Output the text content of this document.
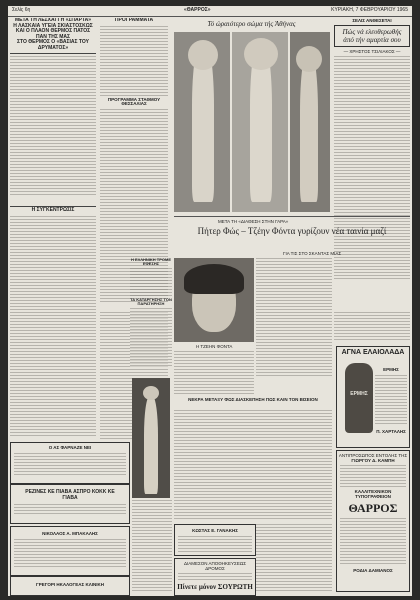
Σελίς 6η	«ΘΑΡΡΟΣ»	ΚΥΡΙΑΚΗ, 7 ΦΕΒΡΟΥΑΡΙΟΥ 1965
ΜΕΤΑ ΤΗ ΛΕΣΧΑΓΓΗ «ΣΠΑΡΤΑ»
Η ΛΑΣΚΑΙΑ ΥΓΕΙΑ ΣΚΙΑΣΤΟΣΚΩΣ
ΚΑΙ Ο ΠΛΑΟΝ ΘΕΡΜΟΣ ΠΑΤΟΣ ΠΑΝ ΤΗΣ ΜΑΣ
ΣΤΟ ΘΕΡΜΟΣ Ο «ΒΑΣΙΑΣ ΤΟΥ ΔΡΥΜΑΤΟΣ»
Η ΣΥΓΚΕΝΤΡΩΣΙΣ
ΠΡΟΓΡΑΜΜΑΤΑ
ΠΡΟΓΡΑΜΜΑ ΣΤΑΘΜΟΥ ΘΕΣΣΑΛΙΑΣ
Τό ώραιότερο σώμα τής Άθήνας	ΣΕΛΙΣ ΑΝΘΕΣΕΤΑΙ
Πώς νά ελευθερωθής άπό τήν αμαρτία σου
— ΧΡΗΣΤΟΣ ΤΣΙΛΙΑΚΟΣ —
ΜΕΤΑ ΤΗ «ΔΙΑΘΕΣΗ ΣΤΗΝ ΓΑΡΑ»
Πήτερ Φώς – Τζέην Φόντα γυρίζουν νέα ταινία μαζί
ΓΙΑ ΤΙΣ ΣΤΟ ΣΚΑΝΤΑΣ ΜΙΑΣ
Η ΕΛΛΗΝΙΚΗ ΤΡΟΜΕ ΕΦΕΣΗΣ
ΤΑ ΚΑΤΑΡΓΗΣΗΣ ΤΟΝ ΠΑΡΑΤΗΡΗΣΗ
Η ΤΖΕΗΝ ΦΟΝΤΑ
ΝΕΚΡΑ ΜΕΤΑΞΥ ΦΩΣ ΔΙΑΣΚΕΠΗΣΗ ΠΩΣ ΚΑΙΝ ΤΟΝ ΒΙΣΕΙΟΝ
ΑΓΝΑ ΕΛΑΙΟΛΑΔΑ
ΕΡΜΗΣ
ΕΡΜΗΣ
Π. ΧΑΡΤΑΛΗΣ
ΑΝΤΙΠΡΟΣΩΠΟΣ ΕΝΤΟΛΗΣ ΤΗΣ
ΓΙΩΡΓΟΥ Δ. ΚΑΜΠΗ
ΚΑΛΛΙΤΕΧΝΙΚΟΝ ΤΥΠΟΓΡΑΦΕΙΟΝ
ΘΑΡΡΟΣ
ΡΟΔΙΑ ΔΑΜΙΑΝΟΣ
Ο ΑΣ ΦΑΡΝΑΖΕ ΝΕΙ
ΡΕΖΙΝΕΣ ΚΕ ΠΙΑΒΑ ΑΣΠΡΟ ΚΟΚΚ ΚΕ ΓΙΑΒΑ
ΝΙΚΟΛΑΟΣ Α. ΜΠΑΚΑΛΗΣ
ΓΡΕΓΟΡΙ ΗΚΑΛΟΓΕΑΣ ΚΛΙΝΙΚΗ
ΚΩΣΤΑΣ Ε. ΓΑΝΑΚΗΣ
ΔΙΑΜΕΣΟΝ ΑΠΟΘΗΚΕΥΣΕΩΣ ΔΡΟΜΟΣ
Πίνετε μόνον ΣΟΥΡΩΤΗ
